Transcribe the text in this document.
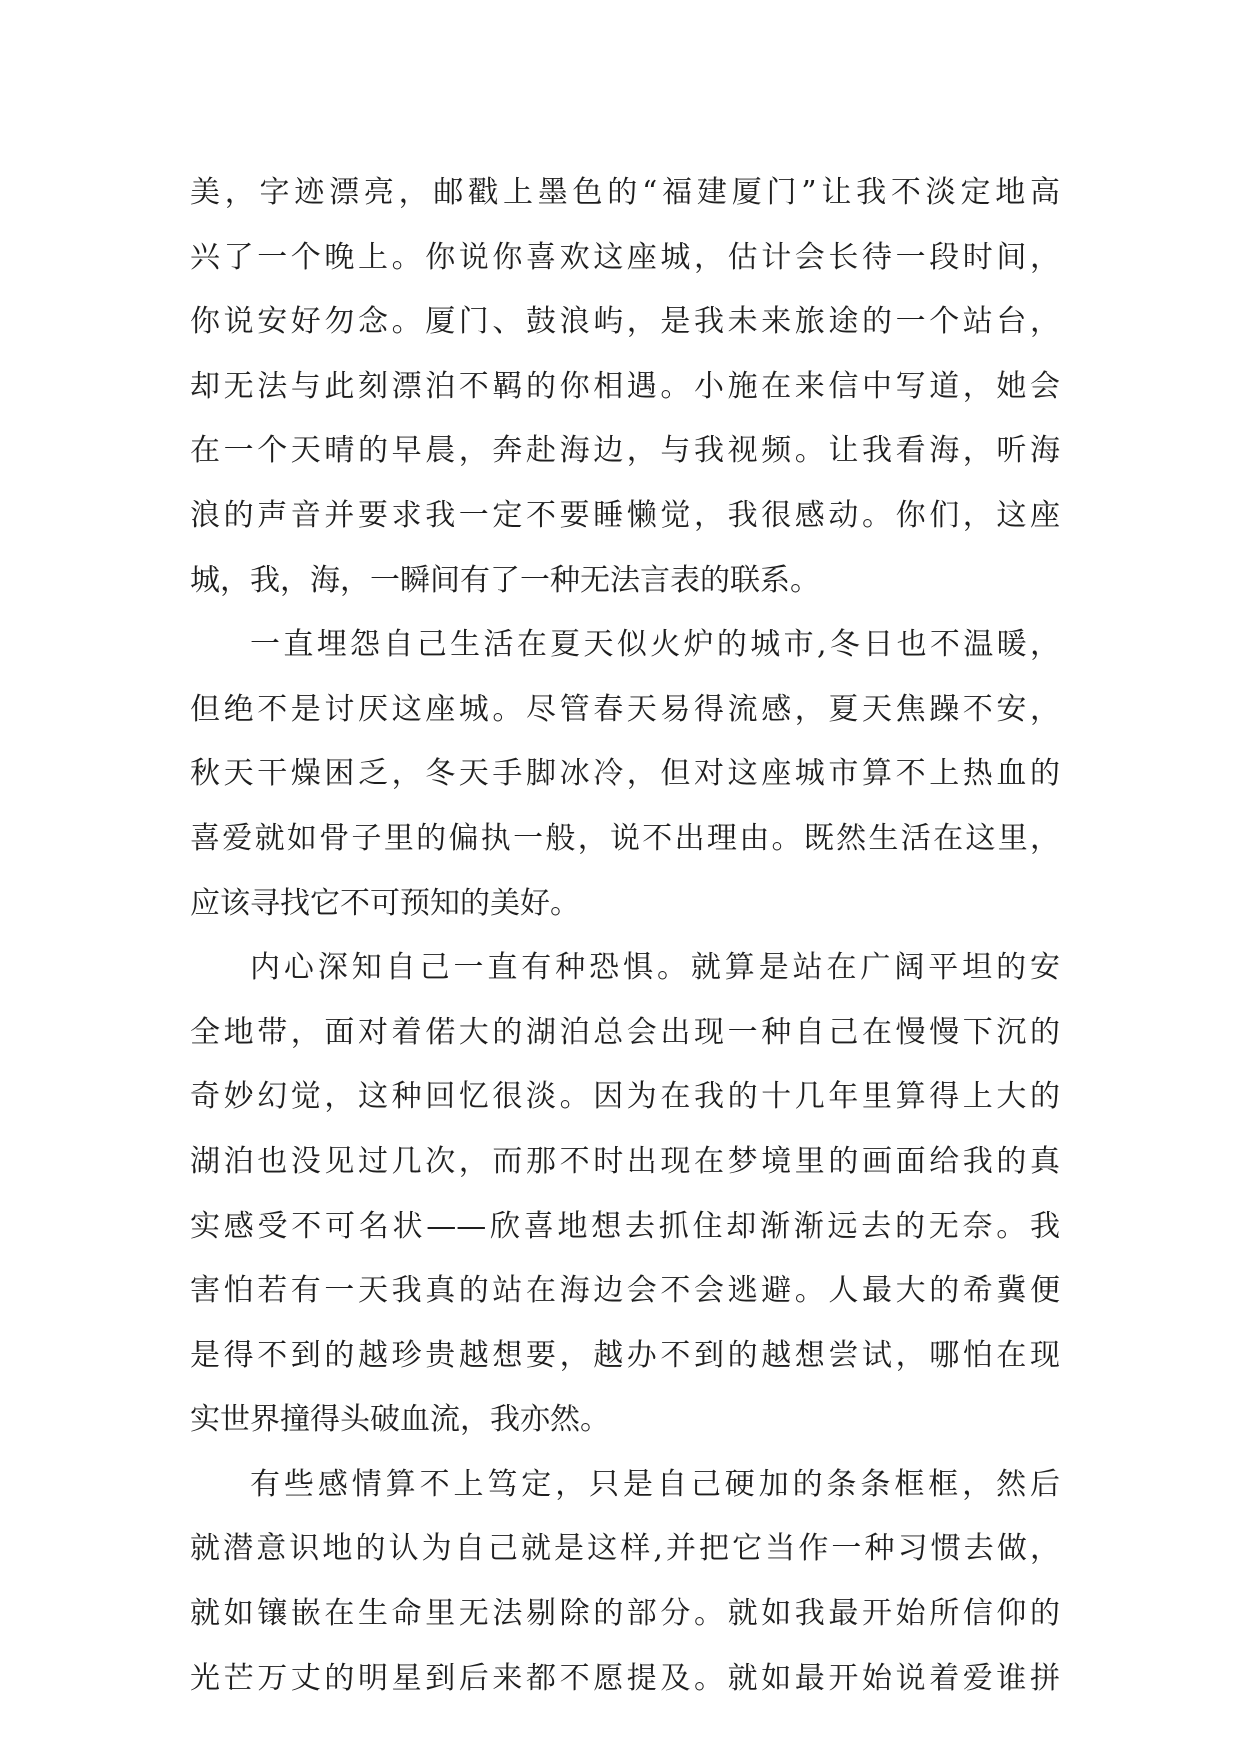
美，字迹漂亮，邮戳上墨色的“福建厦门”让我不淡定地高
兴了一个晚上。你说你喜欢这座城，估计会长待一段时间，
你说安好勿念。厦门、鼓浪屿，是我未来旅途的一个站台，
却无法与此刻漂泊不羁的你相遇。小施在来信中写道，她会
在一个天晴的早晨，奔赴海边，与我视频。让我看海，听海
浪的声音并要求我一定不要睡懒觉，我很感动。你们，这座
城，我，海，一瞬间有了一种无法言表的联系。
一直埋怨自己生活在夏天似火炉的城市,冬日也不温暖，
但绝不是讨厌这座城。尽管春天易得流感，夏天焦躁不安，
秋天干燥困乏，冬天手脚冰冷，但对这座城市算不上热血的
喜爱就如骨子里的偏执一般，说不出理由。既然生活在这里，
应该寻找它不可预知的美好。
内心深知自己一直有种恐惧。就算是站在广阔平坦的安
全地带，面对着偌大的湖泊总会出现一种自己在慢慢下沉的
奇妙幻觉，这种回忆很淡。因为在我的十几年里算得上大的
湖泊也没见过几次，而那不时出现在梦境里的画面给我的真
实感受不可名状——欣喜地想去抓住却渐渐远去的无奈。我
害怕若有一天我真的站在海边会不会逃避。人最大的希冀便
是得不到的越珍贵越想要，越办不到的越想尝试，哪怕在现
实世界撞得头破血流，我亦然。
有些感情算不上笃定，只是自己硬加的条条框框，然后
就潜意识地的认为自己就是这样,并把它当作一种习惯去做，
就如镶嵌在生命里无法剔除的部分。就如我最开始所信仰的
光芒万丈的明星到后来都不愿提及。就如最开始说着爱谁拼
